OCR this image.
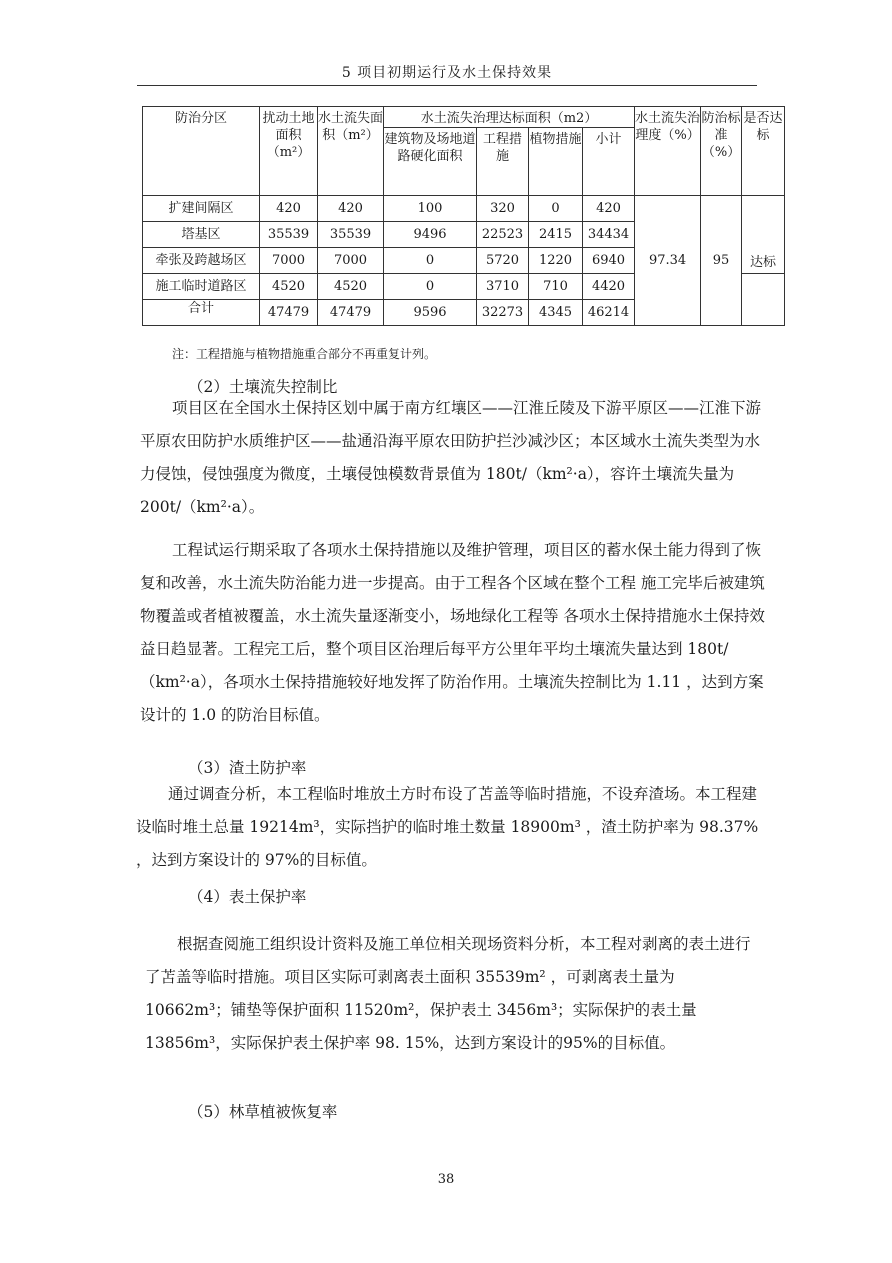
5 项目初期运行及水土保持效果
防治分区	扰动土地面积（m²）	水土流失面积（m²）	水土流失治理达标面积（m2）				水土流失治理度（%）	防治标准（%）	是否达标
			建筑物及场地道路硬化面积	工程措施	植物措施	小计			
扩建间隔区	420	420	100	320	0	420	97.34	95	达标
塔基区	35539	35539	9496	22523	2415	34434			
牵张及跨越场区	7000	7000	0	5720	1220	6940			
施工临时道路区	4520	4520	0	3710	710	4420			
合计	47479	47479	9596	32273	4345	46214			
注：工程措施与植物措施重合部分不再重复计列。

（2）土壤流失控制比

项目区在全国水土保持区划中属于南方红壤区——江淮丘陵及下游平原区——江淮下游平原农田防护水质维护区——盐通沿海平原农田防护拦沙减沙区；本区域水土流失类型为水力侵蚀，侵蚀强度为微度，土壤侵蚀模数背景值为 180t/（km²·a），容许土壤流失量为 200t/（km²·a）。

工程试运行期采取了各项水土保持措施以及维护管理，项目区的蓄水保土能力得到了恢复和改善，水土流失防治能力进一步提高。由于工程各个区域在整个工程 施工完毕后被建筑物覆盖或者植被覆盖，水土流失量逐渐变小，场地绿化工程等 各项水土保持措施水土保持效益日趋显著。工程完工后，整个项目区治理后每平方公里年平均土壤流失量达到 180t/（km²·a），各项水土保持措施较好地发挥了防治作用。土壤流失控制比为 1.11 ，达到方案设计的 1.0 的防治目标值。

（3）渣土防护率

通过调查分析，本工程临时堆放土方时布设了苫盖等临时措施，不设弃渣场。本工程建设临时堆土总量 19214m³，实际挡护的临时堆土数量 18900m³ ，渣土防护率为 98.37% ，达到方案设计的 97%的目标值。

（4）表土保护率

根据查阅施工组织设计资料及施工单位相关现场资料分析，本工程对剥离的表土进行了苫盖等临时措施。项目区实际可剥离表土面积 35539m² ，可剥离表土量为 10662m³；铺垫等保护面积 11520m²，保护表土 3456m³；实际保护的表土量 13856m³，实际保护表土保护率 98. 15%，达到方案设计的95%的目标值。

（5）林草植被恢复率

38
